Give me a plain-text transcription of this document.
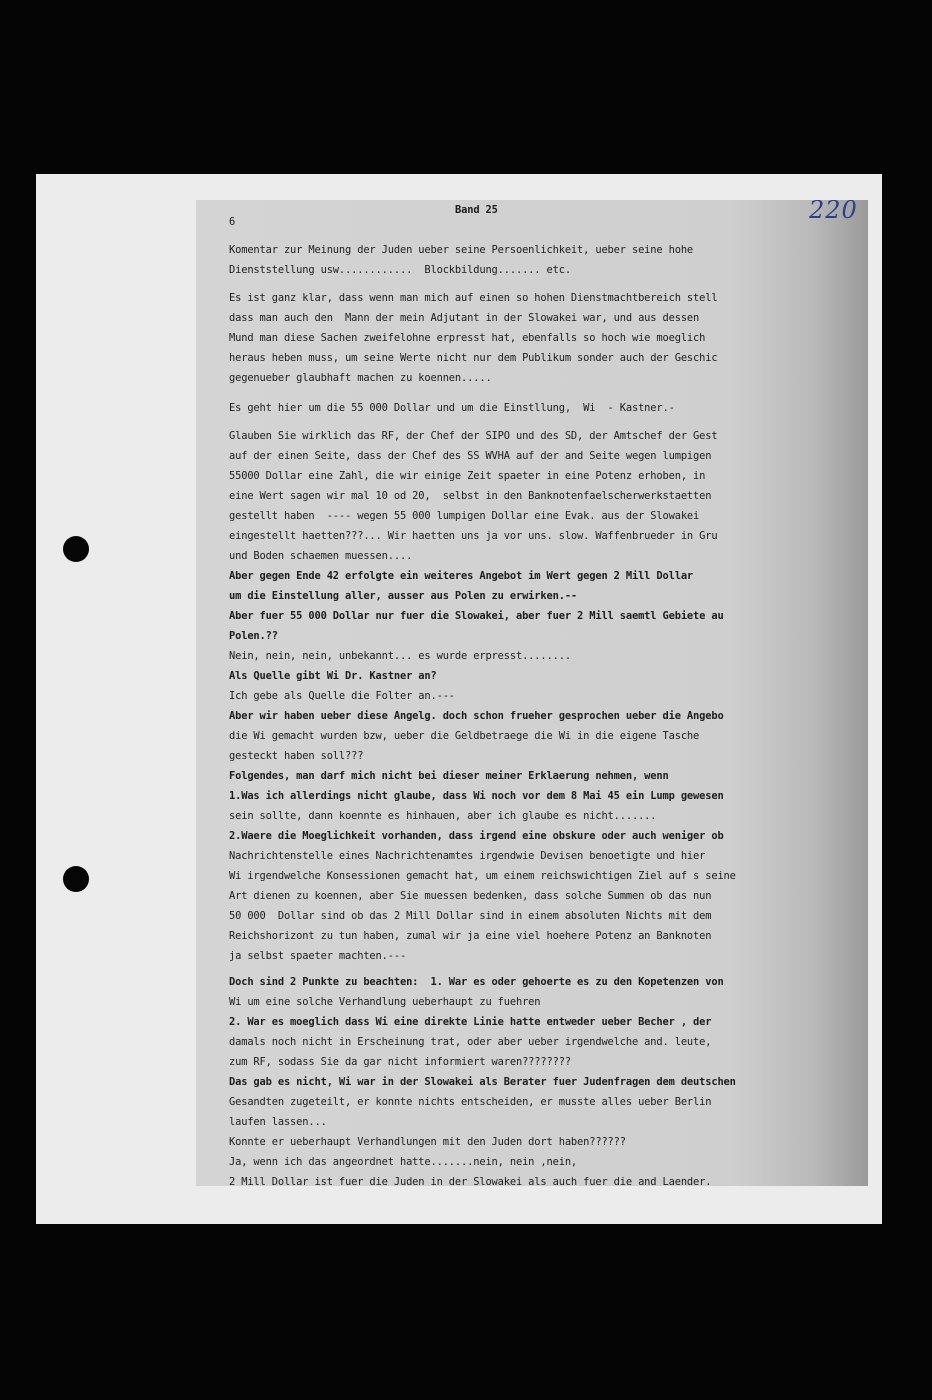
6

Band 25

	220

Komentar zur Meinung der Juden ueber seine Persoenlichkeit, ueber seine hohe

Dienststellung usw............  Blockbildung....... etc.

Es ist ganz klar, dass wenn man mich auf einen so hohen Dienstmachtbereich stell

dass man auch den  Mann der mein Adjutant in der Slowakei war, und aus dessen

Mund man diese Sachen zweifelohne erpresst hat, ebenfalls so hoch wie moeglich

heraus heben muss, um seine Werte nicht nur dem Publikum sonder auch der Geschic

gegenueber glaubhaft machen zu koennen.....

Es geht hier um die 55 000 Dollar und um die Einstllung,  Wi  - Kastner.-

Glauben Sie wirklich das RF, der Chef der SIPO und des SD, der Amtschef der Gest

auf der einen Seite, dass der Chef des SS WVHA auf der and Seite wegen lumpigen

55000 Dollar eine Zahl, die wir einige Zeit spaeter in eine Potenz erhoben, in

eine Wert sagen wir mal 10 od 20,  selbst in den Banknotenfaelscherwerkstaetten

gestellt haben  ---- wegen 55 000 lumpigen Dollar eine Evak. aus der Slowakei

eingestellt haetten???... Wir haetten uns ja vor uns. slow. Waffenbrueder in Gru

und Boden schaemen muessen....

Aber gegen Ende 42 erfolgte ein weiteres Angebot im Wert gegen 2 Mill Dollar

um die Einstellung aller, ausser aus Polen zu erwirken.--

Aber fuer 55 000 Dollar nur fuer die Slowakei, aber fuer 2 Mill saemtl Gebiete au

Polen.??

Nein, nein, nein, unbekannt... es wurde erpresst........

Als Quelle gibt Wi Dr. Kastner an?

Ich gebe als Quelle die Folter an.---

Aber wir haben ueber diese Angelg. doch schon frueher gesprochen ueber die Angebo

die Wi gemacht wurden bzw, ueber die Geldbetraege die Wi in die eigene Tasche

gesteckt haben soll???

Folgendes, man darf mich nicht bei dieser meiner Erklaerung nehmen, wenn

1.Was ich allerdings nicht glaube, dass Wi noch vor dem 8 Mai 45 ein Lump gewesen

sein sollte, dann koennte es hinhauen, aber ich glaube es nicht.......

2.Waere die Moeglichkeit vorhanden, dass irgend eine obskure oder auch weniger ob

Nachrichtenstelle eines Nachrichtenamtes irgendwie Devisen benoetigte und hier

Wi irgendwelche Konsessionen gemacht hat, um einem reichswichtigen Ziel auf s seine

Art dienen zu koennen, aber Sie muessen bedenken, dass solche Summen ob das nun

50 000  Dollar sind ob das 2 Mill Dollar sind in einem absoluten Nichts mit dem

Reichshorizont zu tun haben, zumal wir ja eine viel hoehere Potenz an Banknoten

ja selbst spaeter machten.---

Doch sind 2 Punkte zu beachten:  1. War es oder gehoerte es zu den Kopetenzen von

Wi um eine solche Verhandlung ueberhaupt zu fuehren

2. War es moeglich dass Wi eine direkte Linie hatte entweder ueber Becher , der

damals noch nicht in Erscheinung trat, oder aber ueber irgendwelche and. leute,

zum RF, sodass Sie da gar nicht informiert waren????????

Das gab es nicht, Wi war in der Slowakei als Berater fuer Judenfragen dem deutschen

Gesandten zugeteilt, er konnte nichts entscheiden, er musste alles ueber Berlin

laufen lassen...

Konnte er ueberhaupt Verhandlungen mit den Juden dort haben??????

Ja, wenn ich das angeordnet hatte.......nein, nein ,nein,

2 Mill Dollar ist fuer die Juden in der Slowakei als auch fuer die and Laender.
